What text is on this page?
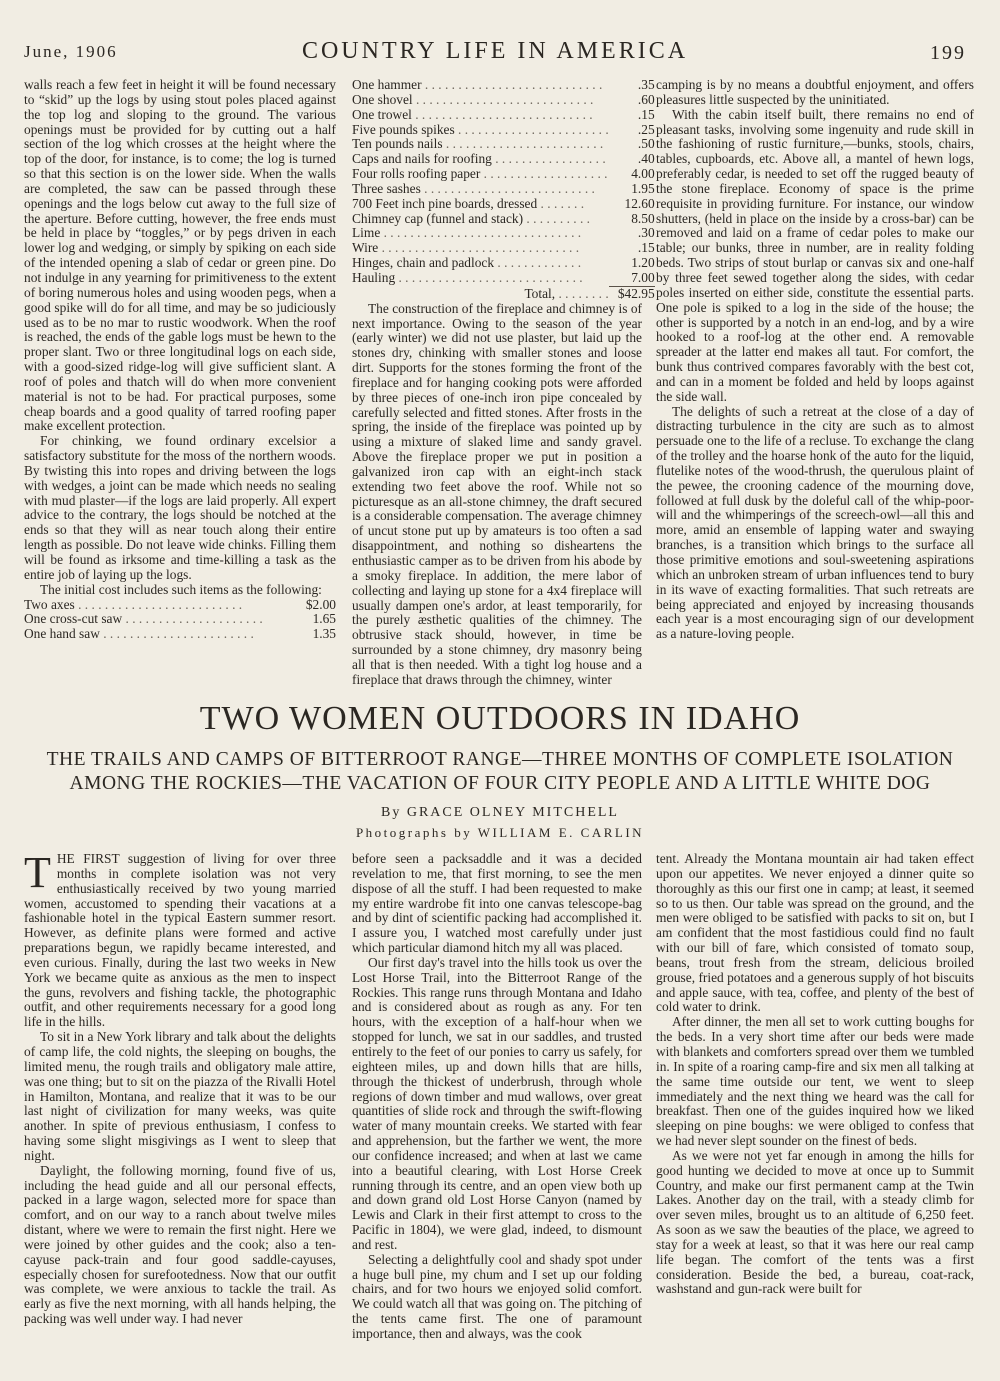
June, 1906	COUNTRY LIFE IN AMERICA	199

walls reach a few feet in height it will be found necessary to “skid” up the logs by using stout poles placed against the top log and sloping to the ground. The various openings must be provided for by cutting out a half section of the log which crosses at the height where the top of the door, for instance, is to come; the log is turned so that this section is on the lower side. When the walls are completed, the saw can be passed through these openings and the logs below cut away to the full size of the aperture. Before cutting, however, the free ends must be held in place by “toggles,” or by pegs driven in each lower log and wedging, or simply by spiking on each side of the intended opening a slab of cedar or green pine. Do not indulge in any yearning for primitiveness to the extent of boring numerous holes and using wooden pegs, when a good spike will do for all time, and may be so judiciously used as to be no mar to rustic woodwork. When the roof is reached, the ends of the gable logs must be hewn to the proper slant. Two or three longitudinal logs on each side, with a good-sized ridge-log will give sufficient slant. A roof of poles and thatch will do when more convenient material is not to be had. For practical purposes, some cheap boards and a good quality of tarred roofing paper make excellent protection.

For chinking, we found ordinary excelsior a satisfactory substitute for the moss of the northern woods. By twisting this into ropes and driving between the logs with wedges, a joint can be made which needs no sealing with mud plaster—if the logs are laid properly. All expert advice to the contrary, the logs should be notched at the ends so that they will as near touch along their entire length as possible. Do not leave wide chinks. Filling them will be found as irksome and time-killing a task as the entire job of laying up the logs.

The initial cost includes such items as the following:

Two axes . . . . . . . . . . . . . . . . . . . . . . . . .	$2.00
One cross-cut saw . . . . . . . . . . . . . . . . . . . . .	1.65
One hand saw . . . . . . . . . . . . . . . . . . . . . . .	1.35
One hammer . . . . . . . . . . . . . . . . . . . . . . . . . . .	.35
One shovel . . . . . . . . . . . . . . . . . . . . . . . . . . .	.60
One trowel . . . . . . . . . . . . . . . . . . . . . . . . . . .	.15
Five pounds spikes . . . . . . . . . . . . . . . . . . . . . . .	.25
Ten pounds nails . . . . . . . . . . . . . . . . . . . . . . . .	.50
Caps and nails for roofing . . . . . . . . . . . . . . . . .	.40
Four rolls roofing paper . . . . . . . . . . . . . . . . . . .	4.00
Three sashes . . . . . . . . . . . . . . . . . . . . . . . . . .	1.95
700 Feet inch pine boards, dressed . . . . . . .	12.60
Chimney cap (funnel and stack) . . . . . . . . . .	8.50
Lime . . . . . . . . . . . . . . . . . . . . . . . . . . . . . .	.30
Wire . . . . . . . . . . . . . . . . . . . . . . . . . . . . . .	.15
Hinges, chain and padlock . . . . . . . . . . . . .	1.20
Hauling . . . . . . . . . . . . . . . . . . . . . . . . . . . .	7.00

Total, . . . . . . . .	$42.95

The construction of the fireplace and chimney is of next importance. Owing to the season of the year (early winter) we did not use plaster, but laid up the stones dry, chinking with smaller stones and loose dirt. Supports for the stones forming the front of the fireplace and for hanging cooking pots were afforded by three pieces of one-inch iron pipe concealed by carefully selected and fitted stones. After frosts in the spring, the inside of the fireplace was pointed up by using a mixture of slaked lime and sandy gravel. Above the fireplace proper we put in position a galvanized iron cap with an eight-inch stack extending two feet above the roof. While not so picturesque as an all-stone chimney, the draft secured is a considerable compensation. The average chimney of uncut stone put up by amateurs is too often a sad disappointment, and nothing so disheartens the enthusiastic camper as to be driven from his abode by a smoky fireplace. In addition, the mere labor of collecting and laying up stone for a 4x4 fireplace will usually dampen one's ardor, at least temporarily, for the purely æsthetic qualities of the chimney. The obtrusive stack should, however, in time be surrounded by a stone chimney, dry masonry being all that is then needed. With a tight log house and a fireplace that draws through the chimney, winter

camping is by no means a doubtful enjoyment, and offers pleasures little suspected by the uninitiated.

With the cabin itself built, there remains no end of pleasant tasks, involving some ingenuity and rude skill in the fashioning of rustic furniture,—bunks, stools, chairs, tables, cupboards, etc. Above all, a mantel of hewn logs, preferably cedar, is needed to set off the rugged beauty of the stone fireplace. Economy of space is the prime requisite in providing furniture. For instance, our window shutters, (held in place on the inside by a cross-bar) can be removed and laid on a frame of cedar poles to make our table; our bunks, three in number, are in reality folding beds. Two strips of stout burlap or canvas six and one-half by three feet sewed together along the sides, with cedar poles inserted on either side, constitute the essential parts. One pole is spiked to a log in the side of the house; the other is supported by a notch in an end-log, and by a wire hooked to a roof-log at the other end. A removable spreader at the latter end makes all taut. For comfort, the bunk thus contrived compares favorably with the best cot, and can in a moment be folded and held by loops against the side wall.

The delights of such a retreat at the close of a day of distracting turbulence in the city are such as to almost persuade one to the life of a recluse. To exchange the clang of the trolley and the hoarse honk of the auto for the liquid, flutelike notes of the wood-thrush, the querulous plaint of the pewee, the crooning cadence of the mourning dove, followed at full dusk by the doleful call of the whip-poor-will and the whimperings of the screech-owl—all this and more, amid an ensemble of lapping water and swaying branches, is a transition which brings to the surface all those primitive emotions and soul-sweetening aspirations which an unbroken stream of urban influences tend to bury in its wave of exacting formalities. That such retreats are being appreciated and enjoyed by increasing thousands each year is a most encouraging sign of our development as a nature-loving people.

TWO WOMEN OUTDOORS IN IDAHO
THE TRAILS AND CAMPS OF BITTERROOT RANGE—THREE MONTHS OF COMPLETE ISOLATION
AMONG THE ROCKIES—THE VACATION OF FOUR CITY PEOPLE AND A LITTLE WHITE DOG
By GRACE OLNEY MITCHELL
Photographs by WILLIAM E. CARLIN

THE FIRST suggestion of living for over three months in complete isolation was not very enthusiastically received by two young married women, accustomed to spending their vacations at a fashionable hotel in the typical Eastern summer resort. However, as definite plans were formed and active preparations begun, we rapidly became interested, and even curious. Finally, during the last two weeks in New York we became quite as anxious as the men to inspect the guns, revolvers and fishing tackle, the photographic outfit, and other requirements necessary for a good long life in the hills.

To sit in a New York library and talk about the delights of camp life, the cold nights, the sleeping on boughs, the limited menu, the rough trails and obligatory male attire, was one thing; but to sit on the piazza of the Rivalli Hotel in Hamilton, Montana, and realize that it was to be our last night of civilization for many weeks, was quite another. In spite of previous enthusiasm, I confess to having some slight misgivings as I went to sleep that night.

Daylight, the following morning, found five of us, including the head guide and all our personal effects, packed in a large wagon, selected more for space than comfort, and on our way to a ranch about twelve miles distant, where we were to remain the first night. Here we were joined by other guides and the cook; also a ten-cayuse pack-train and four good saddle-cayuses, especially chosen for surefootedness. Now that our outfit was complete, we were anxious to tackle the trail. As early as five the next morning, with all hands helping, the packing was well under way. I had never

before seen a packsaddle and it was a decided revelation to me, that first morning, to see the men dispose of all the stuff. I had been requested to make my entire wardrobe fit into one canvas telescope-bag and by dint of scientific packing had accomplished it. I assure you, I watched most carefully under just which particular diamond hitch my all was placed.

Our first day's travel into the hills took us over the Lost Horse Trail, into the Bitterroot Range of the Rockies. This range runs through Montana and Idaho and is considered about as rough as any. For ten hours, with the exception of a half-hour when we stopped for lunch, we sat in our saddles, and trusted entirely to the feet of our ponies to carry us safely, for eighteen miles, up and down hills that are hills, through the thickest of underbrush, through whole regions of down timber and mud wallows, over great quantities of slide rock and through the swift-flowing water of many mountain creeks. We started with fear and apprehension, but the farther we went, the more our confidence increased; and when at last we came into a beautiful clearing, with Lost Horse Creek running through its centre, and an open view both up and down grand old Lost Horse Canyon (named by Lewis and Clark in their first attempt to cross to the Pacific in 1804), we were glad, indeed, to dismount and rest.

Selecting a delightfully cool and shady spot under a huge bull pine, my chum and I set up our folding chairs, and for two hours we enjoyed solid comfort. We could watch all that was going on. The pitching of the tents came first. The one of paramount importance, then and always, was the cook

tent. Already the Montana mountain air had taken effect upon our appetites. We never enjoyed a dinner quite so thoroughly as this our first one in camp; at least, it seemed so to us then. Our table was spread on the ground, and the men were obliged to be satisfied with packs to sit on, but I am confident that the most fastidious could find no fault with our bill of fare, which consisted of tomato soup, beans, trout fresh from the stream, delicious broiled grouse, fried potatoes and a generous supply of hot biscuits and apple sauce, with tea, coffee, and plenty of the best of cold water to drink.

After dinner, the men all set to work cutting boughs for the beds. In a very short time after our beds were made with blankets and comforters spread over them we tumbled in. In spite of a roaring camp-fire and six men all talking at the same time outside our tent, we went to sleep immediately and the next thing we heard was the call for breakfast. Then one of the guides inquired how we liked sleeping on pine boughs: we were obliged to confess that we had never slept sounder on the finest of beds.

As we were not yet far enough in among the hills for good hunting we decided to move at once up to Summit Country, and make our first permanent camp at the Twin Lakes. Another day on the trail, with a steady climb for over seven miles, brought us to an altitude of 6,250 feet. As soon as we saw the beauties of the place, we agreed to stay for a week at least, so that it was here our real camp life began. The comfort of the tents was a first consideration. Beside the bed, a bureau, coat-rack, washstand and gun-rack were built for
